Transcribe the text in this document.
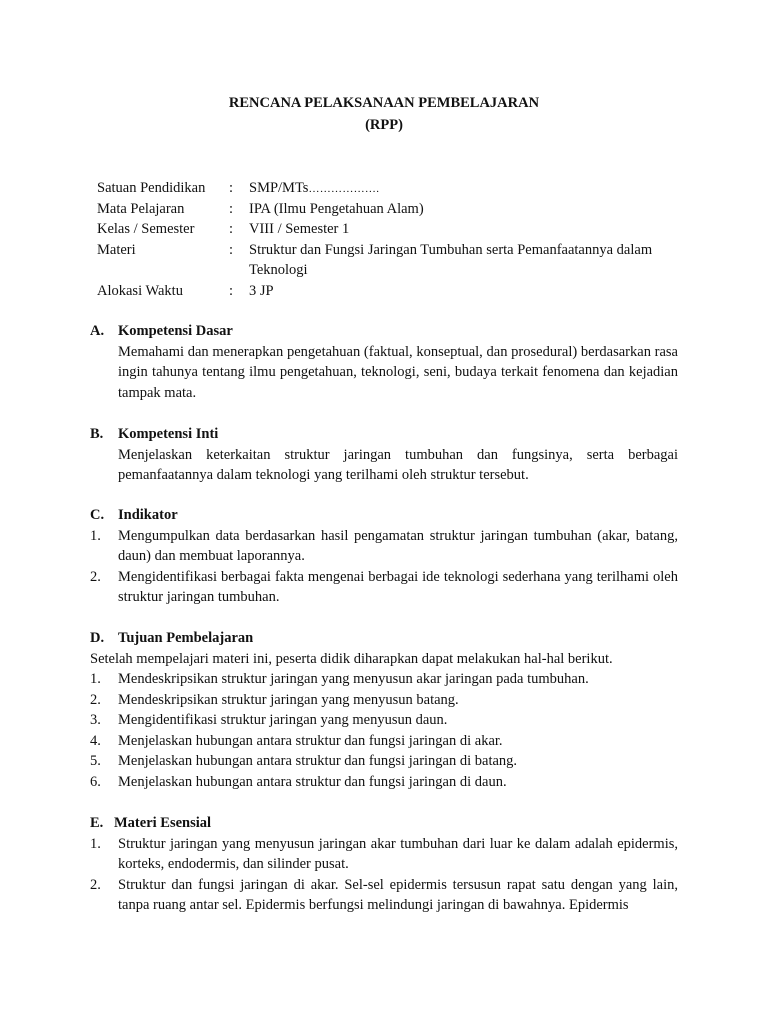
RENCANA PELAKSANAAN PEMBELAJARAN
(RPP)
Satuan Pendidikan	:	SMP/MTs……………….
Mata Pelajaran	:	IPA (Ilmu Pengetahuan Alam)
Kelas / Semester	:	VIII / Semester 1
Materi	:	Struktur dan Fungsi Jaringan Tumbuhan serta Pemanfaatannya dalam Teknologi
Alokasi Waktu	:	3 JP
A. Kompetensi Dasar
Memahami dan menerapkan pengetahuan (faktual, konseptual, dan prosedural) berdasarkan rasa ingin tahunya tentang ilmu pengetahuan, teknologi, seni, budaya terkait fenomena dan kejadian tampak mata.
B.	Kompetensi Inti
Menjelaskan keterkaitan struktur jaringan tumbuhan dan fungsinya, serta berbagai pemanfaatannya dalam teknologi yang terilhami oleh struktur tersebut.
C. Indikator
1.	Mengumpulkan data berdasarkan hasil pengamatan struktur jaringan tumbuhan (akar, batang, daun) dan membuat laporannya.
2.	Mengidentifikasi berbagai fakta mengenai berbagai ide teknologi sederhana yang terilhami oleh struktur jaringan tumbuhan.
D. Tujuan Pembelajaran
Setelah mempelajari materi ini, peserta didik diharapkan dapat melakukan hal-hal berikut.
1.	Mendeskripsikan struktur jaringan yang menyusun akar jaringan pada tumbuhan.
2.	Mendeskripsikan struktur jaringan yang menyusun batang.
3.	Mengidentifikasi struktur jaringan yang menyusun daun.
4.	Menjelaskan hubungan antara struktur dan fungsi jaringan di akar.
5.	Menjelaskan hubungan antara struktur dan fungsi jaringan di batang.
6.	Menjelaskan hubungan antara struktur dan fungsi jaringan di daun.
E. Materi Esensial
1.	Struktur jaringan yang menyusun jaringan akar tumbuhan dari luar ke dalam adalah epidermis, korteks, endodermis, dan silinder pusat.
2.	Struktur dan fungsi jaringan di akar. Sel-sel epidermis tersusun rapat satu dengan yang lain, tanpa ruang antar sel. Epidermis berfungsi melindungi jaringan di bawahnya. Epidermis
